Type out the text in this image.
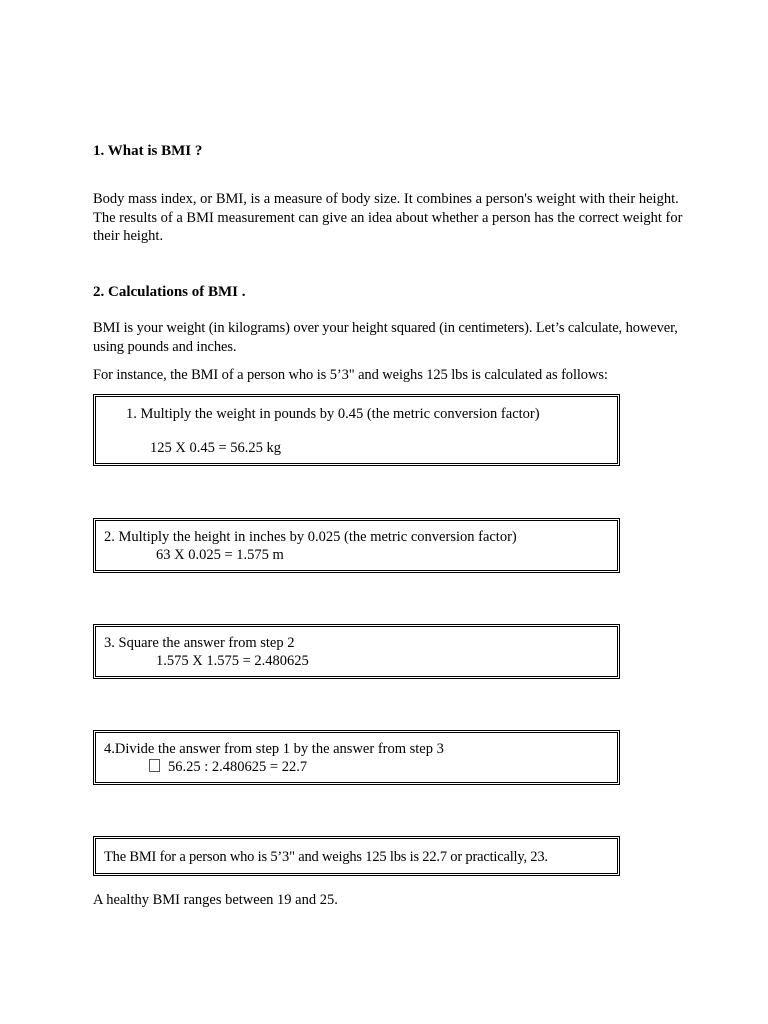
1. What is BMI ?

Body mass index, or BMI, is a measure of body size. It combines a person's weight with their height. The results of a BMI measurement can give an idea about whether a person has the correct weight for their height.

2. Calculations of BMI .

BMI is your weight (in kilograms) over your height squared (in centimeters). Let’s calculate, however, using pounds and inches.

For instance, the BMI of a person who is 5’3" and weighs 125 lbs is calculated as follows:

1. Multiply the weight in pounds by 0.45 (the metric conversion factor)
125 X 0.45 = 56.25 kg
2. Multiply the height in inches by 0.025 (the metric conversion factor)
63 X 0.025 = 1.575 m
3. Square the answer from step 2
1.575 X 1.575 = 2.480625
4.Divide the answer from step 1 by the answer from step 3
56.25 : 2.480625 = 22.7
The BMI for a person who is 5’3" and weighs 125 lbs is 22.7 or practically, 23.

A healthy BMI ranges between 19 and 25.
